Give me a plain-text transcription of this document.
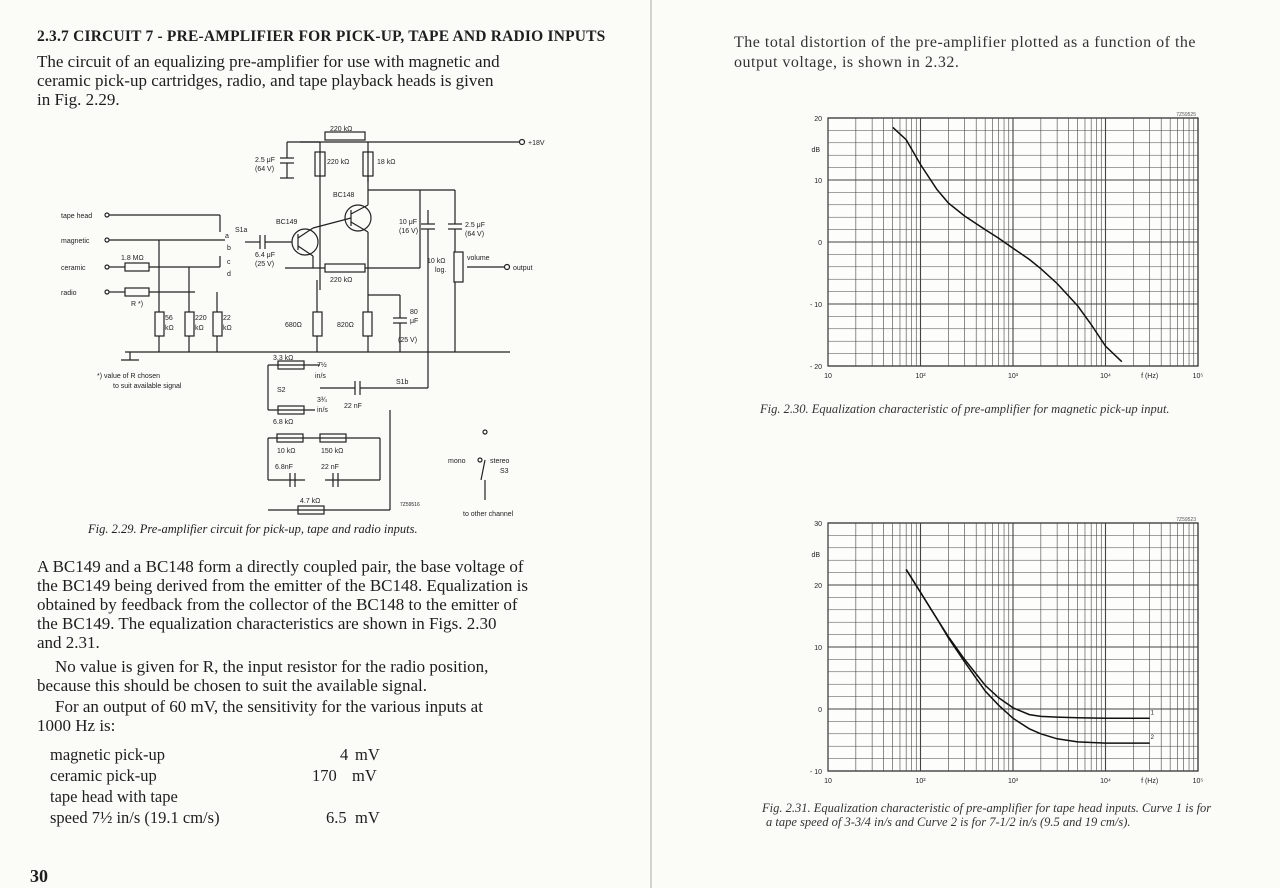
2.3.7 CIRCUIT 7 - PRE-AMPLIFIER FOR PICK-UP, TAPE AND RADIO INPUTS
The circuit of an equalizing pre-amplifier for use with magnetic and
ceramic pick-up cartridges, radio, and tape playback heads is given
in Fig. 2.29.
220 kΩ
+18V
2.5 μF
(64 V)
220 kΩ	18 kΩ
BC148
BC149
tape head
magnetic
ceramic
radio
1.8 MΩ
R *)
S1a
a
b
c
d
6.4 μF
(25 V)
220 kΩ
10 μF
(16 V)
2.5 μF
(64 V)
volume
10 kΩ
log.	output
56
kΩ
220
kΩ
22
kΩ	680Ω	820Ω
80
μF
(25 V)
*) value of R chosen
to suit available signal
3.3 kΩ
7½
in/s
S2
3¾
in/s
22 nF
S1b
6.8 kΩ
10 kΩ	150 kΩ
6.8nF	22 nF
4.7 kΩ
mono	stereo
S3
to other channel
7Z59516
Fig. 2.29. Pre-amplifier circuit for pick-up, tape and radio inputs.
A BC149 and a BC148 form a directly coupled pair, the base voltage of
the BC149 being derived from the emitter of the BC148. Equalization is
obtained by feedback from the collector of the BC148 to the emitter of
the BC149. The equalization characteristics are shown in Figs. 2.30
and 2.31.
No value is given for R, the input resistor for the radio position,
because this should be chosen to suit the available signal.
For an output of 60 mV, the sensitivity for the various inputs at
1000 Hz is:
magnetic pick-up	4 mV
ceramic pick-up	170 mV
tape head with tape
speed 7½ in/s (19.1 cm/s)	6.5 mV
30
The total distortion of the pre-amplifier plotted as a function of the
output voltage, is shown in 2.32.
20
10
0
- 10
- 20
dB
10	10²	10³	10⁴	10⁵
f (Hz)
7Z59525
Fig. 2.30. Equalization characteristic of pre-amplifier for magnetic pick-up input.
30
20
10
0
- 10
dB
10	10²	10³	10⁴	10⁵
f (Hz)
7Z59523
1
2
Fig. 2.31. Equalization characteristic of pre-amplifier for tape head inputs. Curve 1 is for
a tape speed of 3-3/4 in/s and Curve 2 is for 7-1/2 in/s (9.5 and 19 cm/s).
